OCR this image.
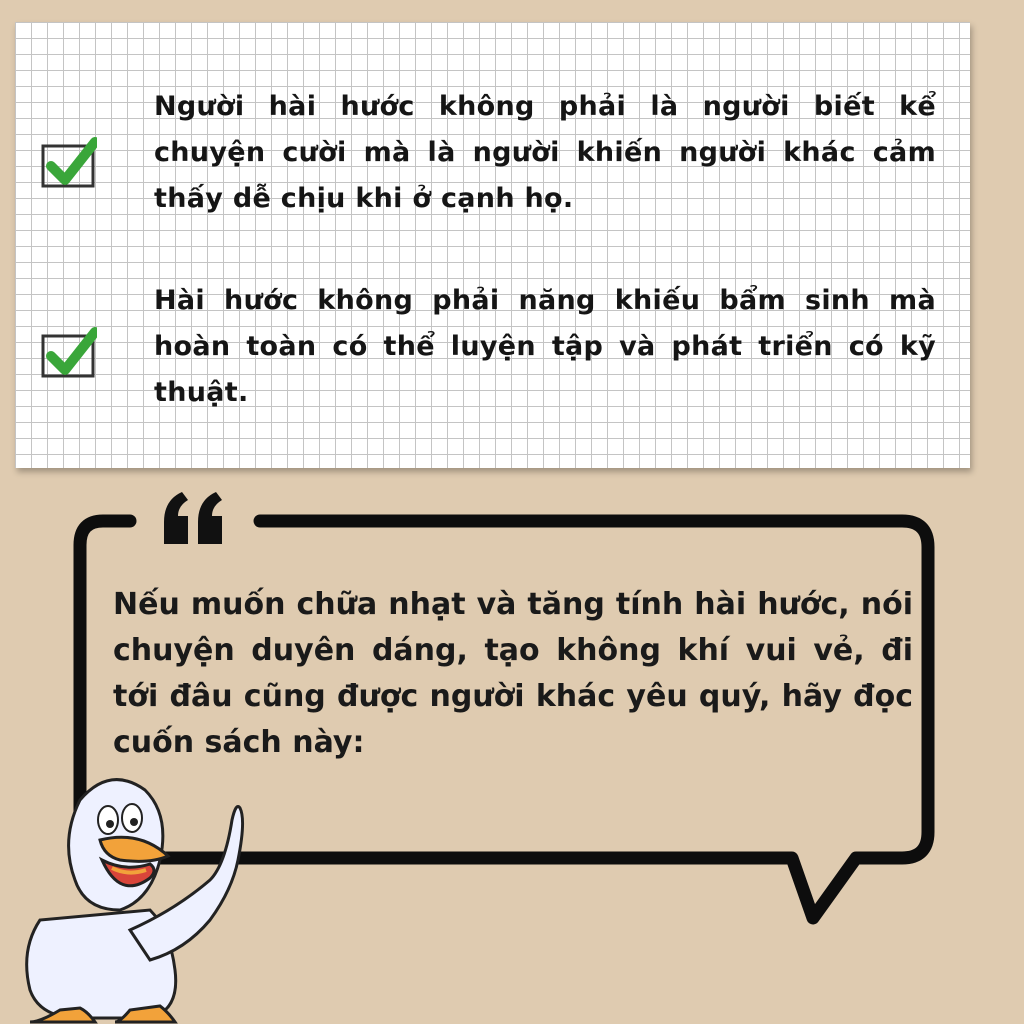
Người hài hước không phải là người biết kể chuyện cười mà là người khiến người khác cảm thấy dễ chịu khi ở cạnh họ.
Hài hước không phải năng khiếu bẩm sinh mà hoàn toàn có thể luyện tập và phát triển có kỹ thuật.
Nếu muốn chữa nhạt và tăng tính hài hước, nói chuyện duyên dáng, tạo không khí vui vẻ, đi tới đâu cũng được người khác yêu quý, hãy đọc cuốn sách này:
